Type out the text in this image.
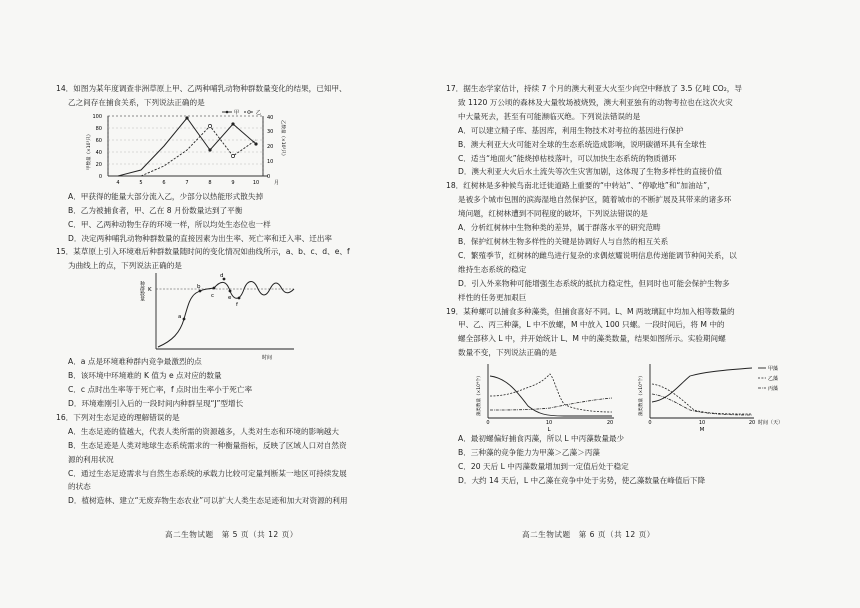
14．如图为某年度调查非洲草原上甲、乙两种哺乳动物种群数量变化的结果，已知甲、
乙之间存在捕食关系，下列说法正确的是
0
20
40
60
80
100
0
10
20
30
40
甲数量（×10³只）	乙数量（×10³只）
4	5	6	7	8	9	10	月
甲	乙
A．甲获得的能量大部分流入乙，少部分以热能形式散失掉
B．乙为被捕食者，甲、乙在 8 月份数量达到了平衡
C．甲、乙两种动物生存的环境一样，所以均处生态位也一样
D．决定两种哺乳动物种群数量的直接因素为出生率、死亡率和迁入率、迁出率
15．某草原上引入环境难后种群数量随时间的变化情况如曲线所示，a、b、c、d、e、f
为曲线上的点，下列说法正确的是
种群数量
时间
K
a
b
c
d
e
f
A．a 点是环境难种群内竞争最激烈的点
B．该环境中环境难的 K 值为 e 点对应的数量
C．c 点时出生率等于死亡率，f 点时出生率小于死亡率
D．环境难刚引入后的一段时间内种群呈现“J”型增长
16．下列对生态足迹的理解错误的是
A．生态足迹的值越大，代表人类所需的资源越多，人类对生态和环境的影响越大
B．生态足迹是人类对地球生态系统需求的一种衡量指标，反映了区域人口对自然资
源的利用状况
C．通过生态足迹需求与自然生态系统的承载力比较可定量判断某一地区可持续发展
的状态
D．植树造林、建立“无废弃物生态农业”可以扩大人类生态足迹和加大对资源的利用
高二生物试题　第 5 页（共 12 页）
17．据生态学家估计，持续 7 个月的澳大利亚大火至少向空中释放了 3.5 亿吨 CO₂，导
致 1120 万公顷的森林及大量牧场被烧毁，澳大利亚独有的动物考拉也在这次火灾
中大量死去，甚至有可能濒临灭绝。下列说法错误的是
A．可以建立精子库、基因库，利用生物技术对考拉的基因进行保护
B．澳大利亚大火可能对全球的生态系统造成影响，说明碳循环具有全球性
C．适当“地面火”能烧掉枯枝落叶，可以加快生态系统的物质循环
D．澳大利亚大火后水土流失等次生灾害加剧，这体现了生物多样性的直接价值
18．红树林是多种候鸟南北迁徙道路上重要的“中转站”、“停歇地”和“加油站”，
是被多个城市包围的滨海湿地自然保护区，随着城市的不断扩展及其带来的诸多环
境问题，红树林遭到不同程度的破坏，下列说法错误的是
A．分析红树林中生物种类的差异，属于群落水平的研究范畴
B．保护红树林生物多样性的关键是协调好人与自然的相互关系
C．繁殖季节，红树林的雌鸟进行复杂的求偶炫耀说明信息传递能调节种间关系，以
维持生态系统的稳定
D．引入外来物种可能增强生态系统的抵抗力稳定性，但同时也可能会保护生物多
样性的任务更加艰巨
19．某种螺可以捕食多种藻类，但捕食喜好不同。L、M 两玻璃缸中均加入相等数量的
甲、乙、丙三种藻，L 中不放螺，M 中放入 100 只螺。一段时间后，将 M 中的
螺全部移入 L 中，并开始统计 L、M 中的藻类数量，结果如图所示。实验期间螺
数量不变，下列说法正确的是
藻类数量（×10⁴个）
0	10	20
L
藻类数量（×10⁴个）
0	10	20 时间（天）
M
甲藻
乙藻
丙藻
A．最初螺偏好捕食丙藻，所以 L 中丙藻数量最少
B．三种藻的竞争能力为甲藻＞乙藻＞丙藻
C．20 天后 L 中丙藻数量增加到一定值后处于稳定
D．大约 14 天后，L 中乙藻在竞争中处于劣势，使乙藻数量在峰值后下降
高二生物试题　第 6 页（共 12 页）
